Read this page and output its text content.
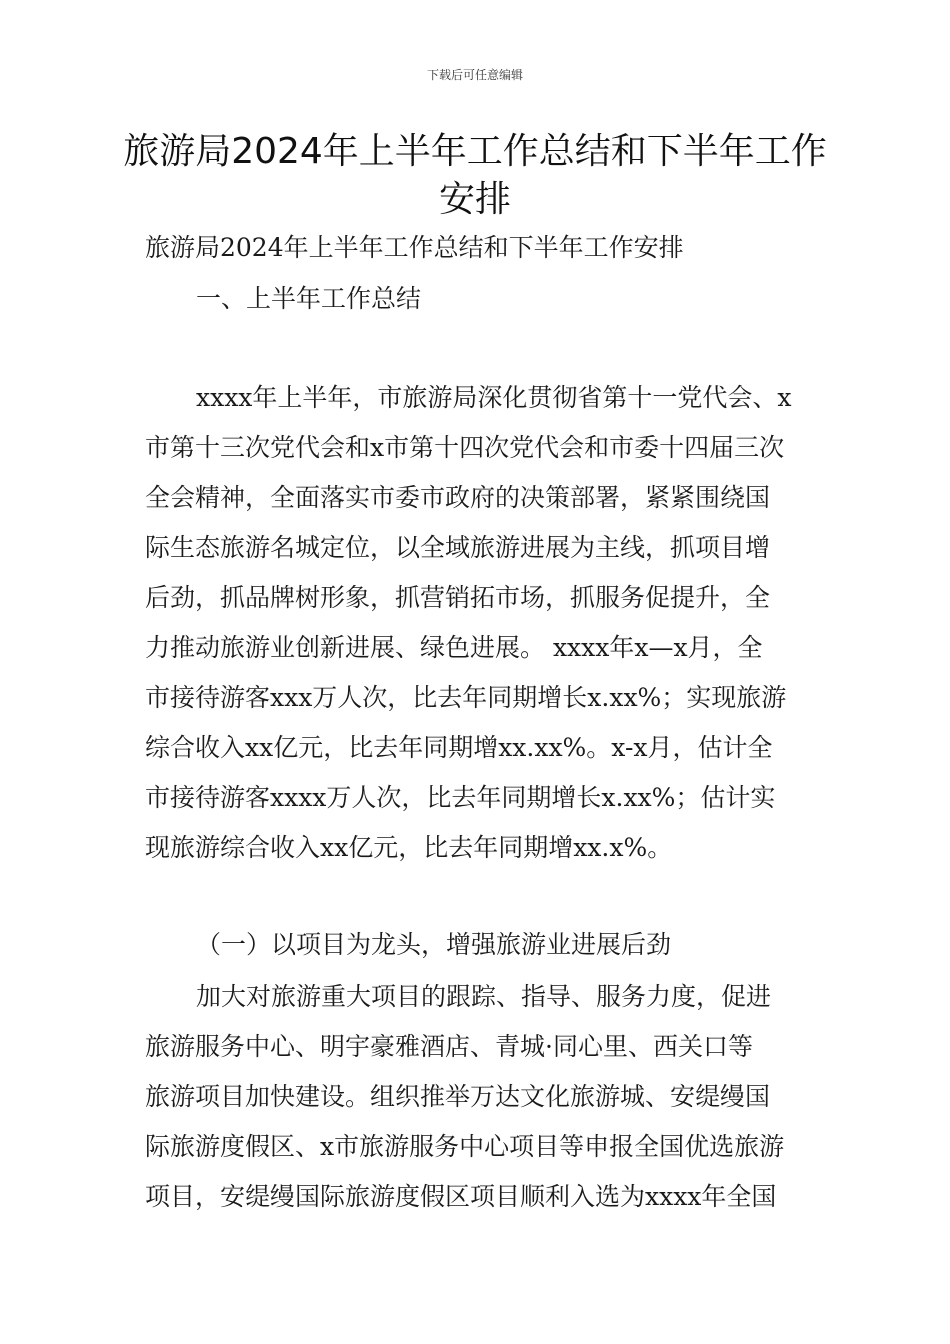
下载后可任意编辑
旅游局2024年上半年工作总结和下半年工作安排
旅游局2024年上半年工作总结和下半年工作安排
一、上半年工作总结
xxxx年上半年，市旅游局深化贯彻省第十一党代会、x
市第十三次党代会和x市第十四次党代会和市委十四届三次
全会精神，全面落实市委市政府的决策部署，紧紧围绕国
际生态旅游名城定位，以全域旅游进展为主线，抓项目增
后劲，抓品牌树形象，抓营销拓市场，抓服务促提升，全
力推动旅游业创新进展、绿色进展。 xxxx年x—x月，全
市接待游客xxx万人次，比去年同期增长x.xx%；实现旅游
综合收入xx亿元，比去年同期增xx.xx%。x-x月，估计全
市接待游客xxxx万人次，比去年同期增长x.xx%；估计实
现旅游综合收入xx亿元，比去年同期增xx.x%。
（一）以项目为龙头，增强旅游业进展后劲
加大对旅游重大项目的跟踪、指导、服务力度，促进
旅游服务中心、明宇豪雅酒店、青城·同心里、西关口等
旅游项目加快建设。组织推举万达文化旅游城、安缇缦国
际旅游度假区、x市旅游服务中心项目等申报全国优选旅游
项目，安缇缦国际旅游度假区项目顺利入选为xxxx年全国
